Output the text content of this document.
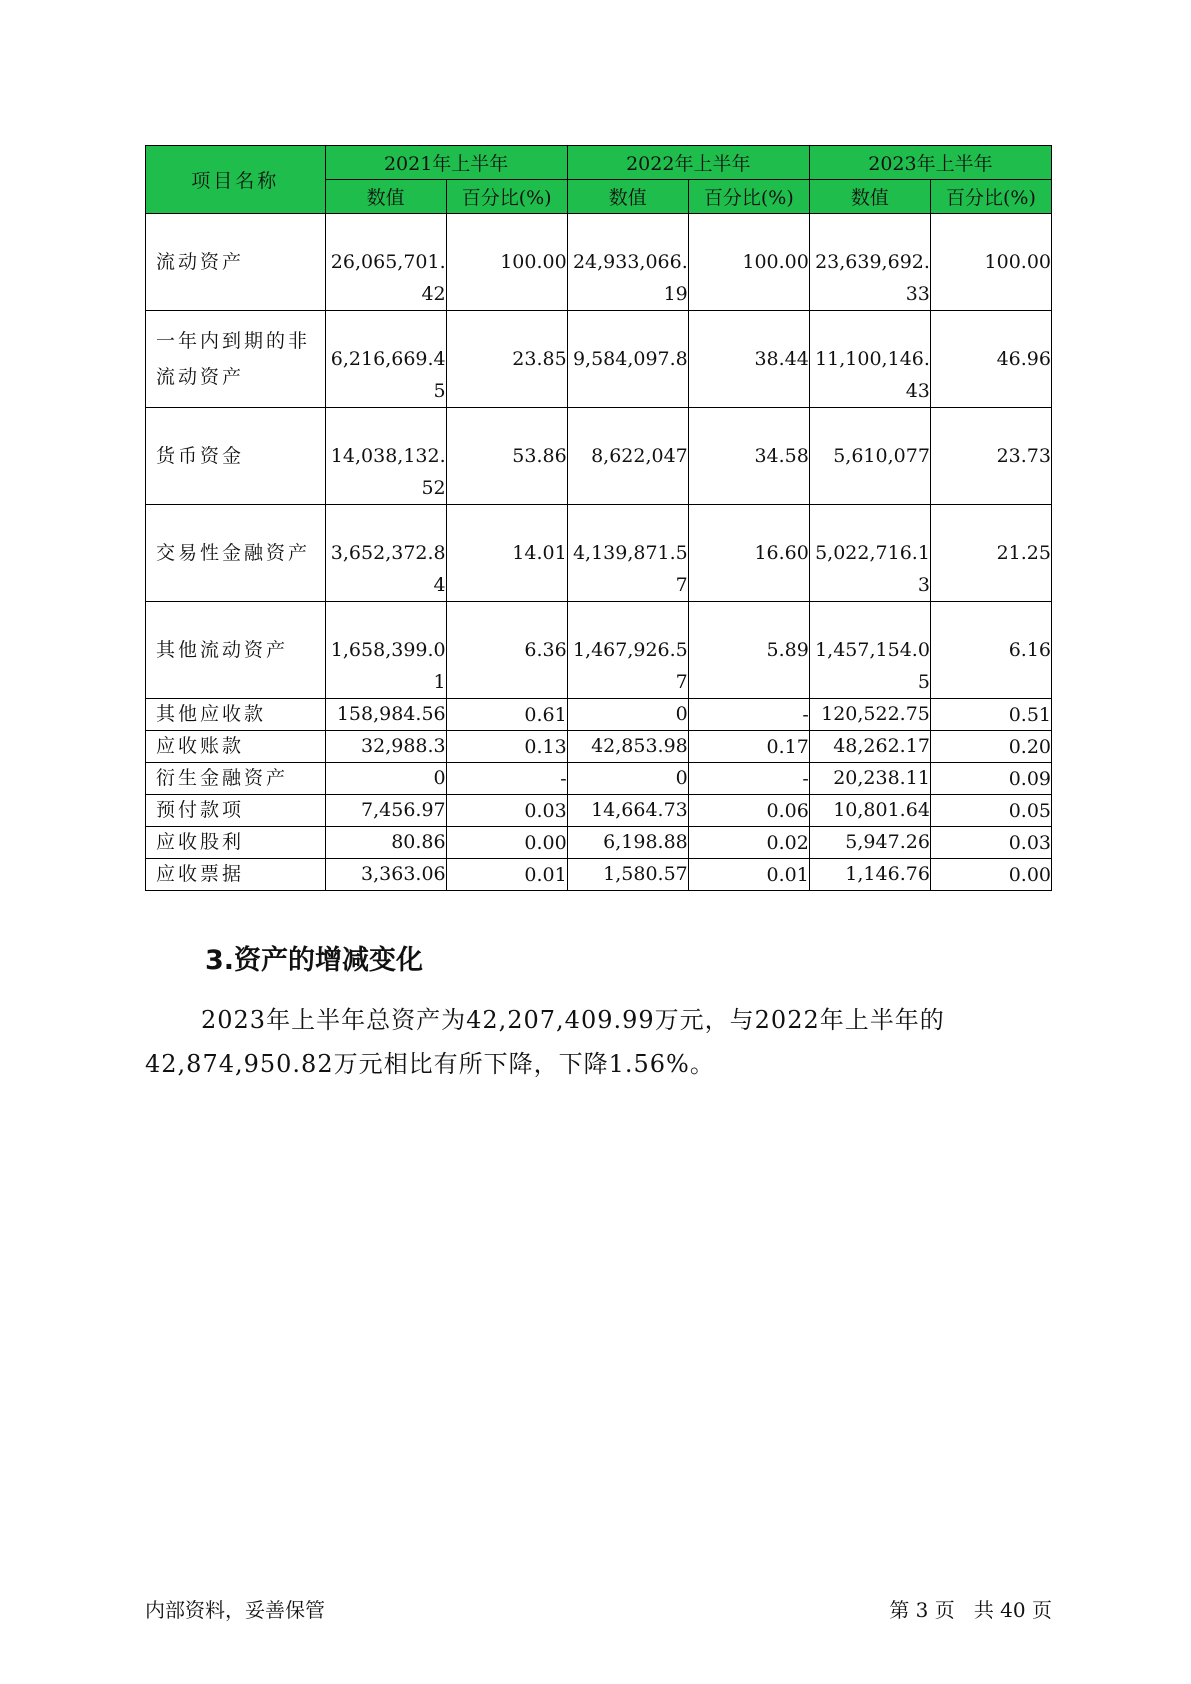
项目名称	2021年上半年		2022年上半年		2023年上半年	
	数值	百分比(%)	数值	百分比(%)	数值	百分比(%)
流动资产	26,065,701.42	100.00	24,933,066.19	100.00	23,639,692.33	100.00
一年内到期的非流动资产	6,216,669.45	23.85	9,584,097.8	38.44	11,100,146.43	46.96
货币资金	14,038,132.52	53.86	8,622,047	34.58	5,610,077	23.73
交易性金融资产	3,652,372.84	14.01	4,139,871.57	16.60	5,022,716.13	21.25
其他流动资产	1,658,399.01	6.36	1,467,926.57	5.89	1,457,154.05	6.16
其他应收款	158,984.56	0.61	0	-	120,522.75	0.51
应收账款	32,988.3	0.13	42,853.98	0.17	48,262.17	0.20
衍生金融资产	0	-	0	-	20,238.11	0.09
预付款项	7,456.97	0.03	14,664.73	0.06	10,801.64	0.05
应收股利	80.86	0.00	6,198.88	0.02	5,947.26	0.03
应收票据	3,363.06	0.01	1,580.57	0.01	1,146.76	0.00
3.资产的增减变化

2023年上半年总资产为42,207,409.99万元，与2022年上半年的42,874,950.82万元相比有所下降，下降1.56%。

内部资料，妥善保管	第 3 页   共 40 页
